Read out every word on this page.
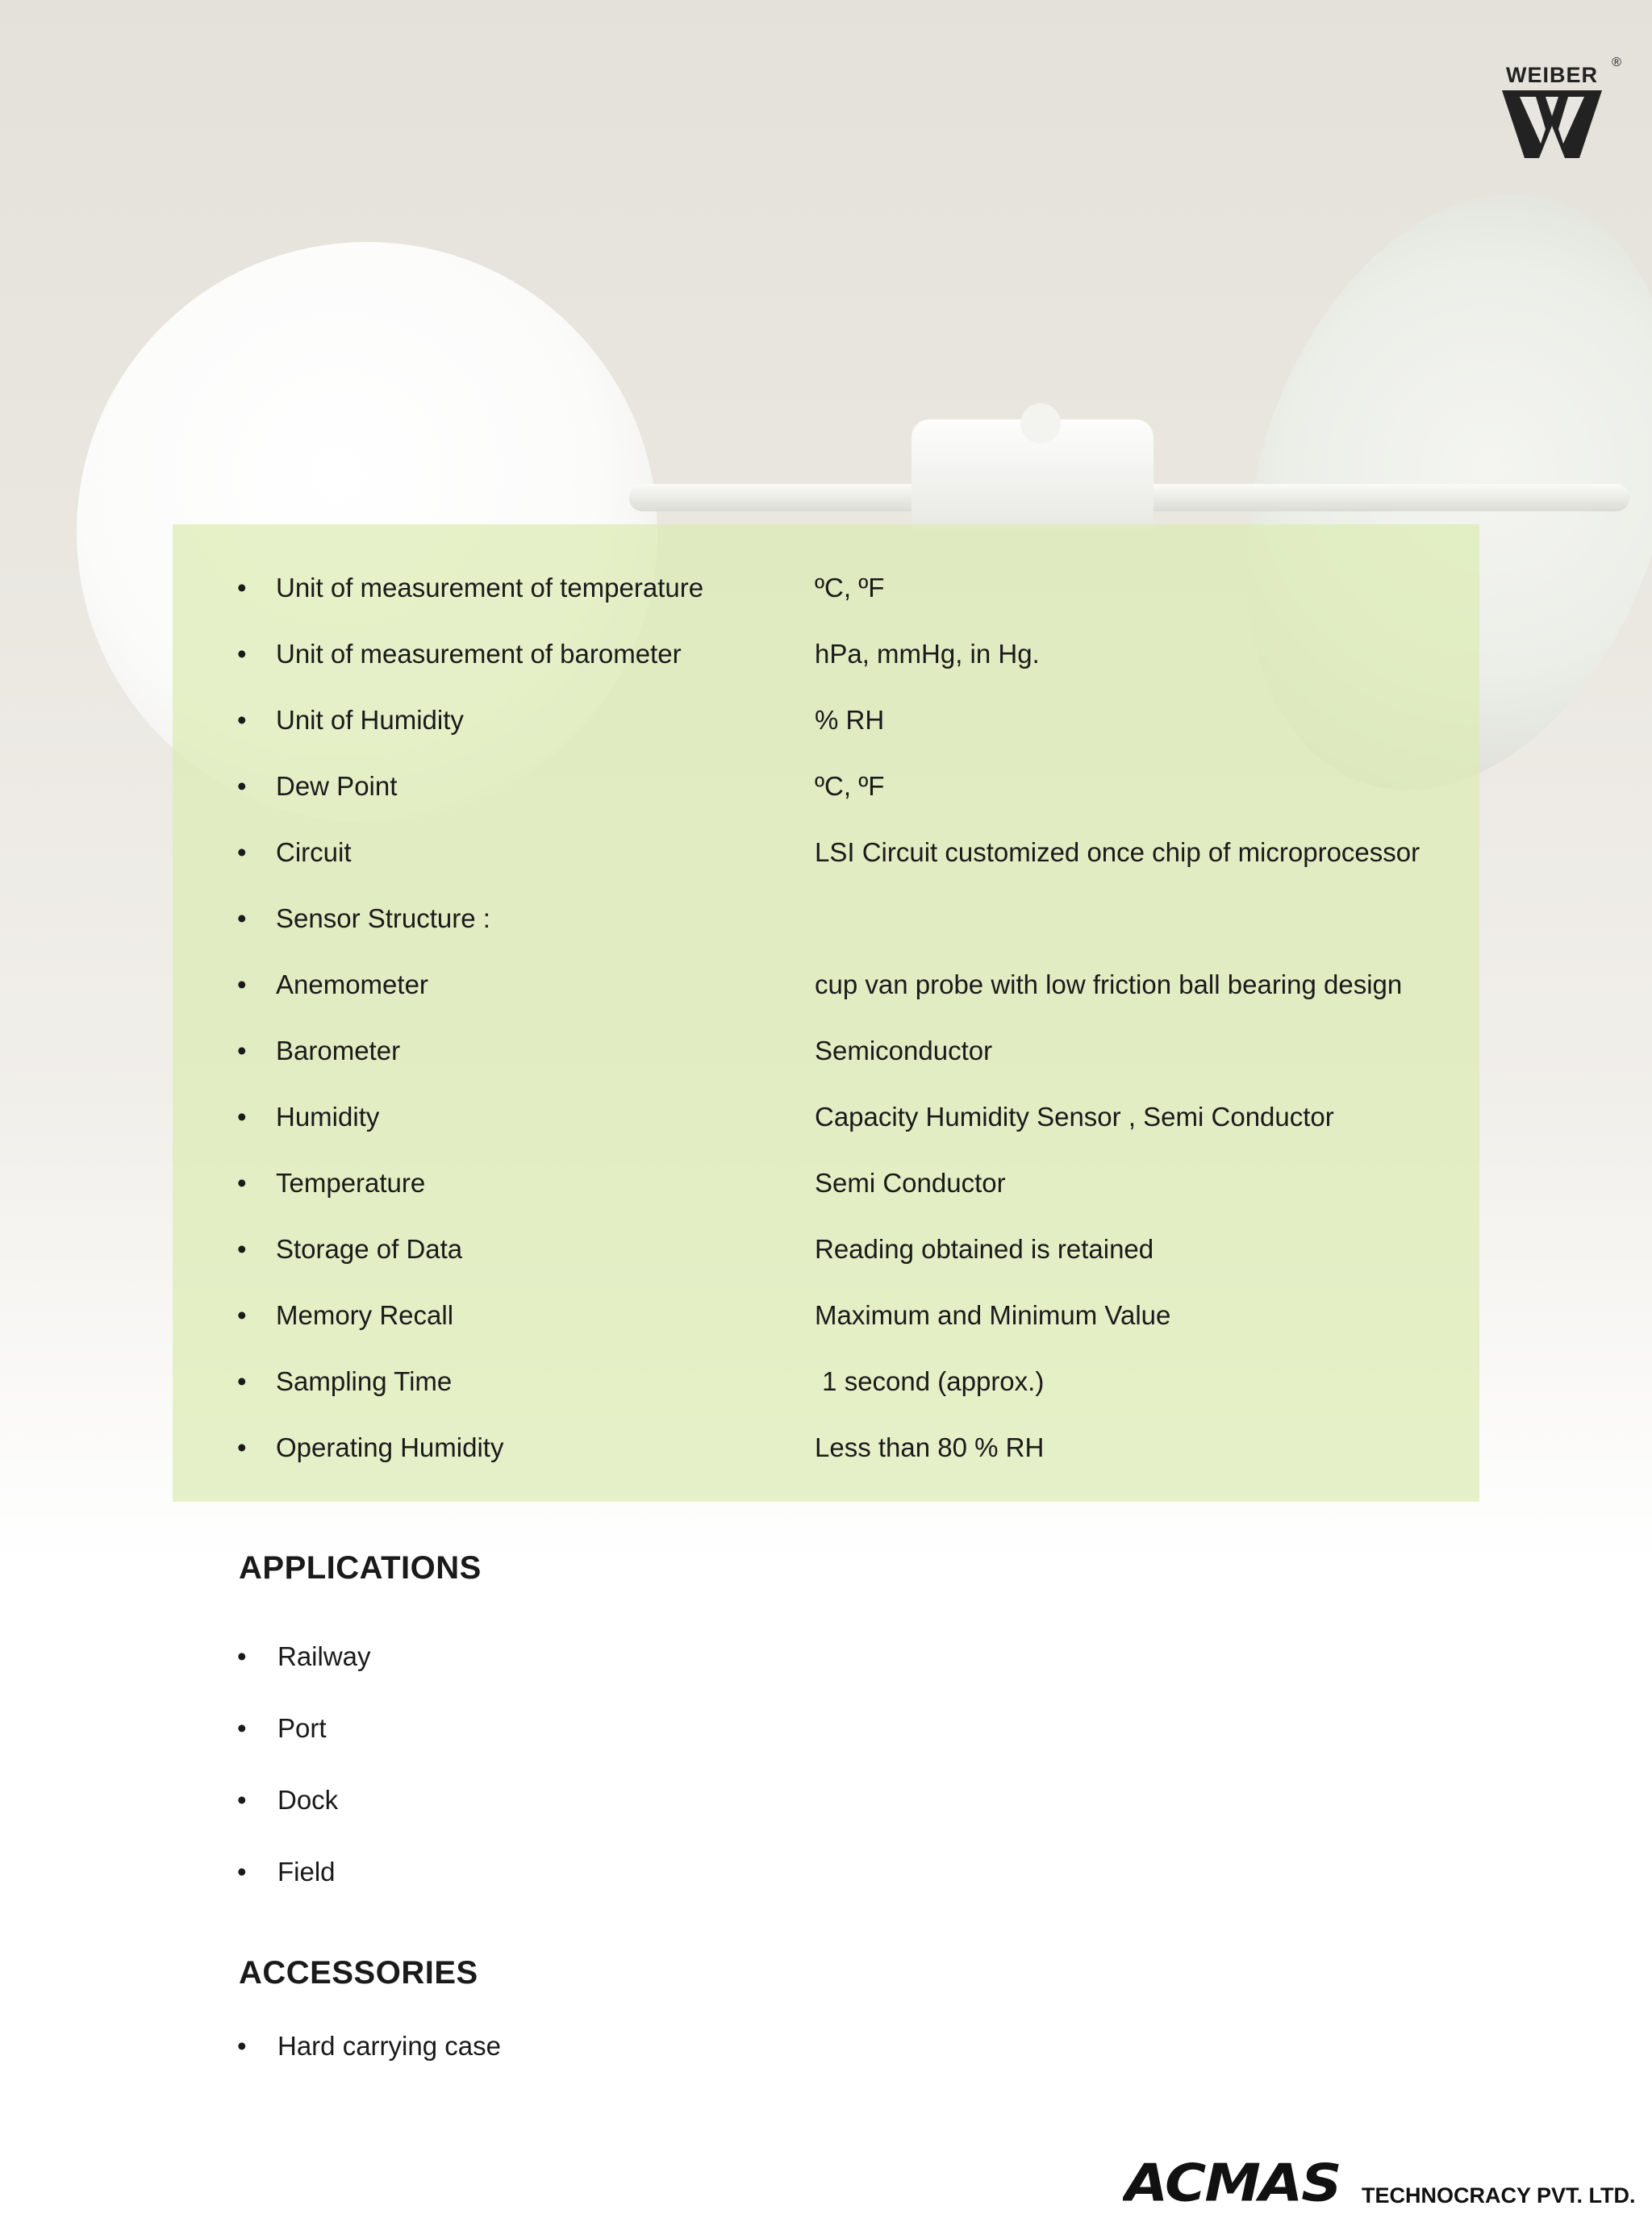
WEIBER
®
• Unit of measurement of temperature	ºC, ºF
• Unit of measurement of barometer	hPa, mmHg, in Hg.
• Unit of Humidity	% RH
• Dew Point	ºC, ºF
• Circuit	LSI Circuit customized once chip of microprocessor
• Sensor Structure :
• Anemometer	cup van probe with low friction ball bearing design
• Barometer	Semiconductor
• Humidity	Capacity Humidity Sensor , Semi Conductor
• Temperature	Semi Conductor
• Storage of Data	Reading obtained is retained
• Memory Recall	Maximum and Minimum Value
• Sampling Time	1 second (approx.)
• Operating Humidity	Less than 80 % RH
APPLICATIONS
• Railway
• Port
• Dock
• Field
ACCESSORIES
• Hard carrying case
ACMAS TECHNOCRACY PVT. LTD.
